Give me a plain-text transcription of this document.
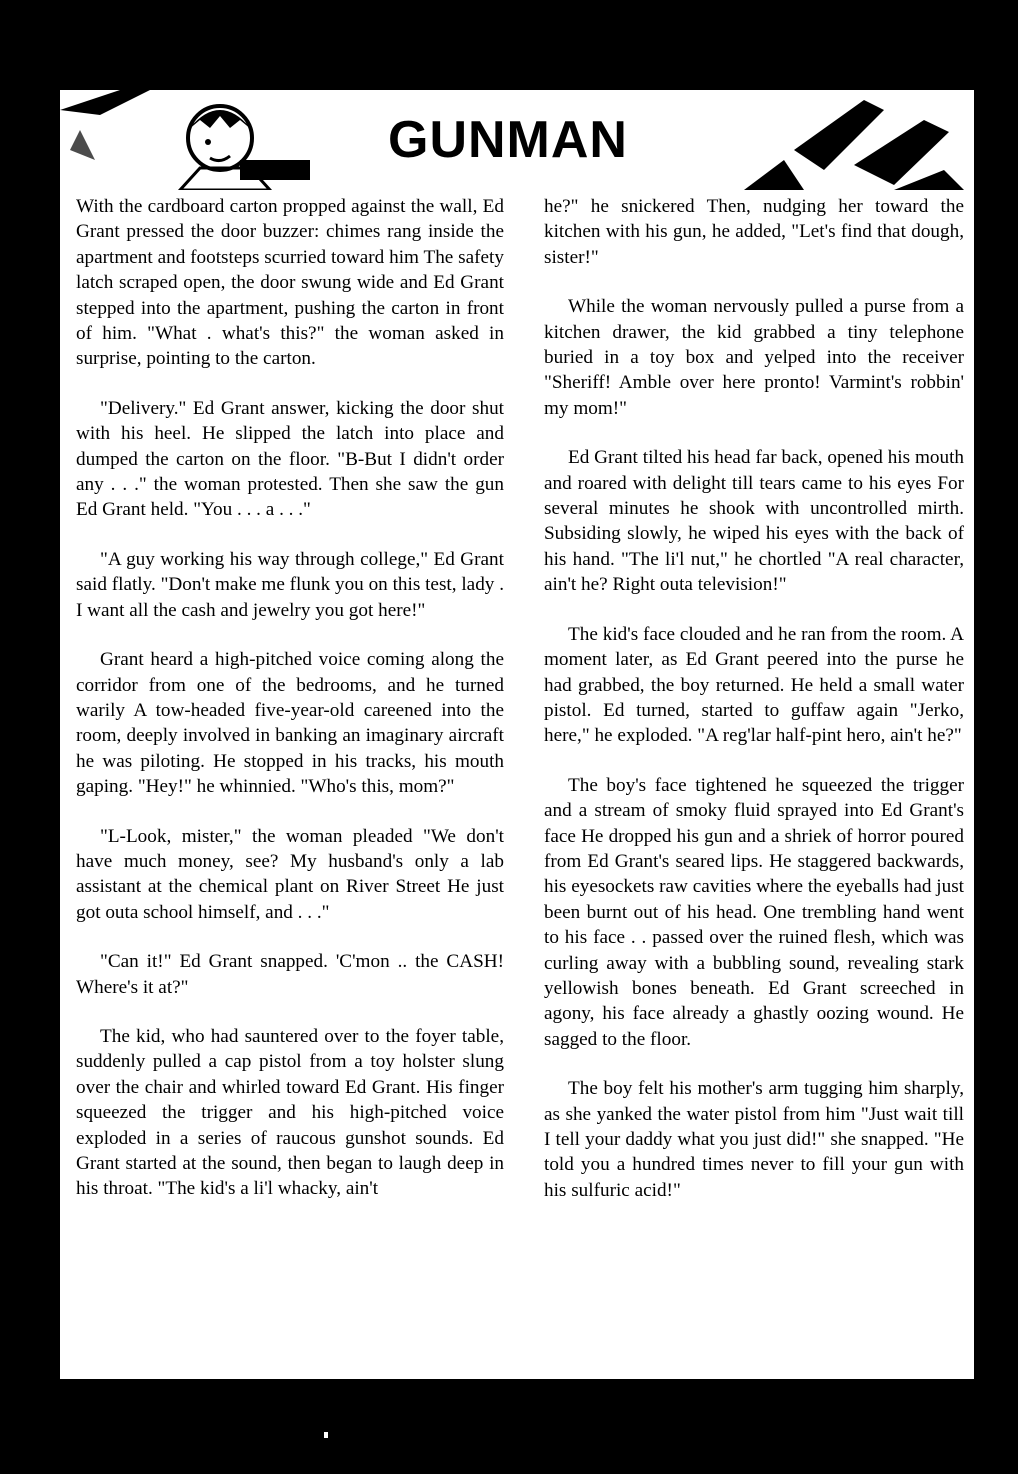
GUNMAN

With the cardboard carton propped against the wall, Ed Grant pressed the door buzzer: chimes rang inside the apartment and footsteps scurried toward him The safety latch scraped open, the door swung wide and Ed Grant stepped into the apartment, pushing the carton in front of him. "What . what's this?" the woman asked in surprise, pointing to the carton.

"Delivery." Ed Grant answer, kicking the door shut with his heel. He slipped the latch into place and dumped the carton on the floor. "B-But I didn't order any . . ." the woman protested. Then she saw the gun Ed Grant held. "You . . . a . . ."

"A guy working his way through college," Ed Grant said flatly. "Don't make me flunk you on this test, lady . I want all the cash and jewelry you got here!"

Grant heard a high-pitched voice coming along the corridor from one of the bedrooms, and he turned warily A tow-headed five-year-old careened into the room, deeply involved in banking an imaginary aircraft he was piloting. He stopped in his tracks, his mouth gaping. "Hey!" he whinnied. "Who's this, mom?"

"L-Look, mister," the woman pleaded "We don't have much money, see? My husband's only a lab assistant at the chemical plant on River Street He just got outa school himself, and . . ."

"Can it!" Ed Grant snapped. 'C'mon .. the CASH! Where's it at?"

The kid, who had sauntered over to the foyer table, suddenly pulled a cap pistol from a toy holster slung over the chair and whirled toward Ed Grant. His finger squeezed the trigger and his high-pitched voice exploded in a series of raucous gunshot sounds. Ed Grant started at the sound, then began to laugh deep in his throat. "The kid's a li'l whacky, ain't

he?" he snickered Then, nudging her toward the kitchen with his gun, he added, "Let's find that dough, sister!"

While the woman nervously pulled a purse from a kitchen drawer, the kid grabbed a tiny telephone buried in a toy box and yelped into the receiver "Sheriff! Amble over here pronto! Varmint's robbin' my mom!"

Ed Grant tilted his head far back, opened his mouth and roared with delight till tears came to his eyes For several minutes he shook with uncontrolled mirth. Subsiding slowly, he wiped his eyes with the back of his hand. "The li'l nut," he chortled "A real character, ain't he? Right outa television!"

The kid's face clouded and he ran from the room. A moment later, as Ed Grant peered into the purse he had grabbed, the boy returned. He held a small water pistol. Ed turned, started to guffaw again "Jerko, here," he exploded. "A reg'lar half-pint hero, ain't he?"

The boy's face tightened he squeezed the trigger and a stream of smoky fluid sprayed into Ed Grant's face He dropped his gun and a shriek of horror poured from Ed Grant's seared lips. He staggered backwards, his eyesockets raw cavities where the eyeballs had just been burnt out of his head. One trembling hand went to his face . . passed over the ruined flesh, which was curling away with a bubbling sound, revealing stark yellowish bones beneath. Ed Grant screeched in agony, his face already a ghastly oozing wound. He sagged to the floor.

The boy felt his mother's arm tugging him sharply, as she yanked the water pistol from him "Just wait till I tell your daddy what you just did!" she snapped. "He told you a hundred times never to fill your gun with his sulfuric acid!"
